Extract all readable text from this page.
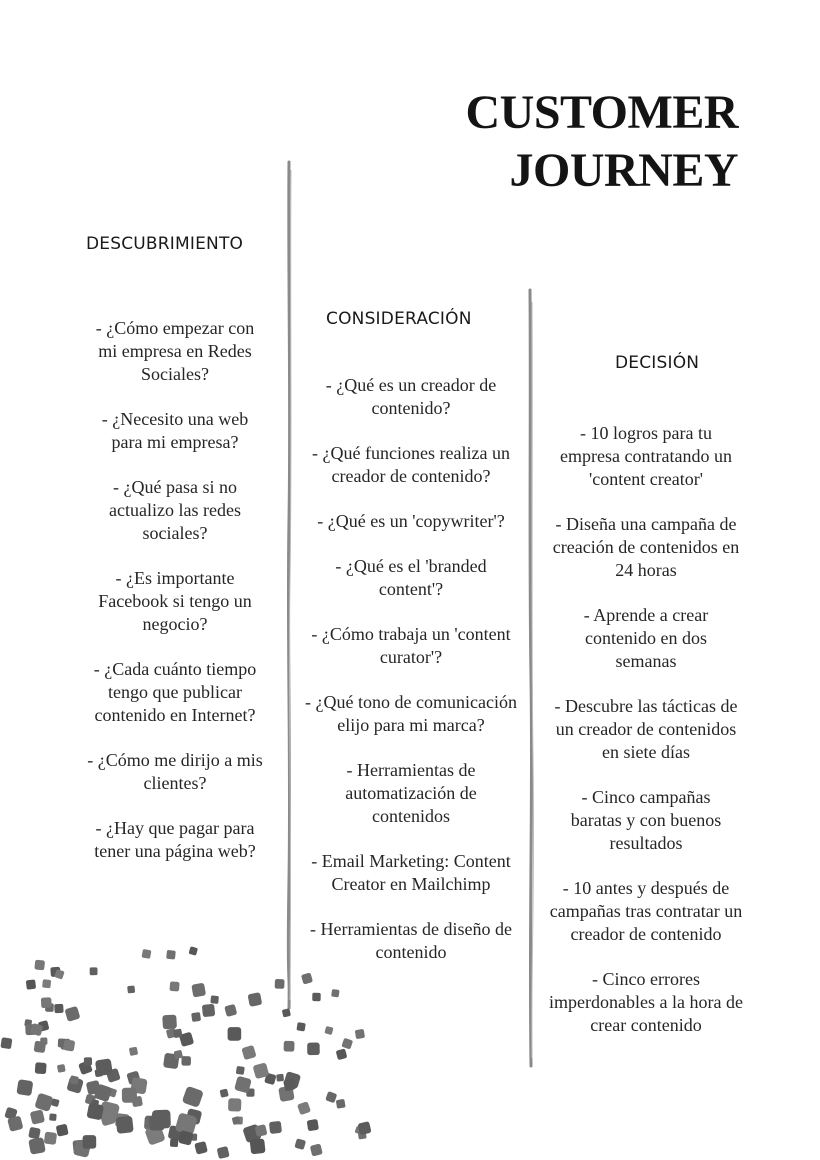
CUSTOMER
JOURNEY
DESCUBRIMIENTO
- ¿Cómo empezar con mi empresa en Redes Sociales?
- ¿Necesito una web para mi empresa?
- ¿Qué pasa si no actualizo las redes sociales?
- ¿Es importante Facebook si tengo un negocio?
- ¿Cada cuánto tiempo tengo que publicar contenido en Internet?
- ¿Cómo me dirijo a mis clientes?
- ¿Hay que pagar para tener una página web?
CONSIDERACIÓN
- ¿Qué es un creador de contenido?
- ¿Qué funciones realiza un creador de contenido?
- ¿Qué es un 'copywriter'?
- ¿Qué es el 'branded content'?
- ¿Cómo trabaja un 'content curator'?
- ¿Qué tono de comunicación elijo para mi marca?
- Herramientas de automatización de contenidos
- Email Marketing: Content Creator en Mailchimp
- Herramientas de diseño de contenido
DECISIÓN
- 10 logros para tu empresa contratando un 'content creator'
- Diseña una campaña de creación de contenidos en 24 horas
- Aprende a crear contenido en dos semanas
- Descubre las tácticas de un creador de contenidos en siete días
- Cinco campañas baratas y con buenos resultados
- 10 antes y después de campañas tras contratar un creador de contenido
- Cinco errores imperdonables a la hora de crear contenido
